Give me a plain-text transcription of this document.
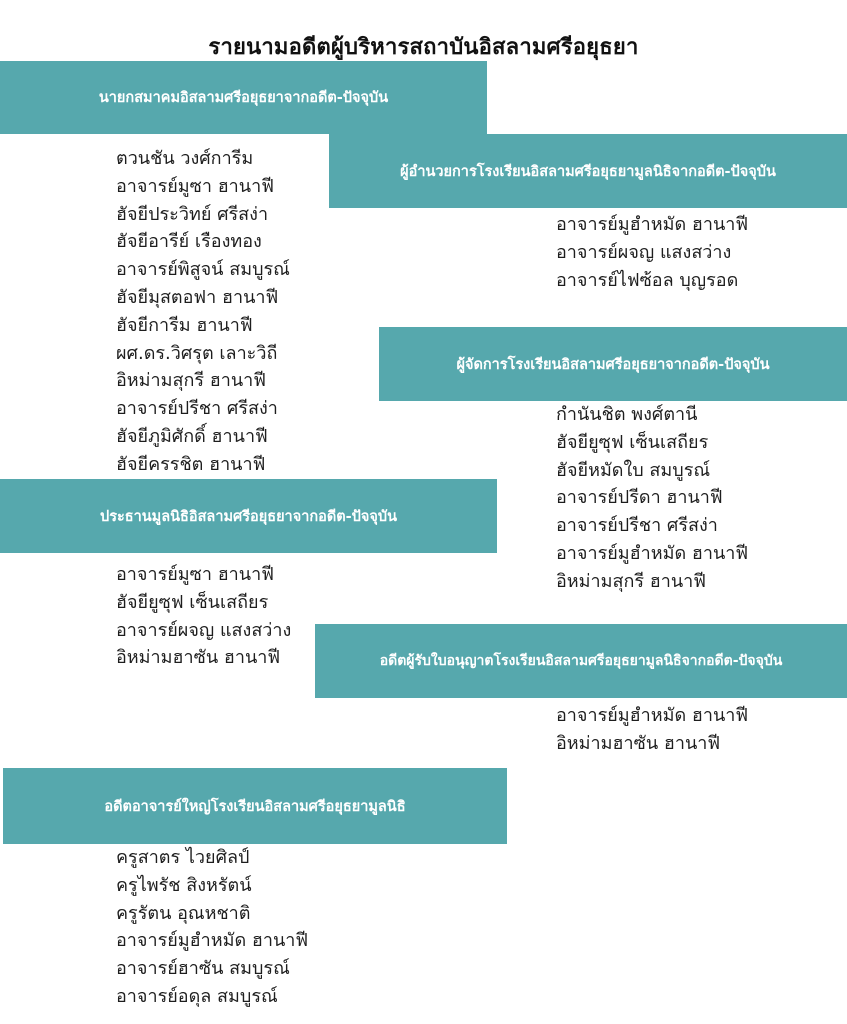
รายนามอดีตผู้บริหารสถาบันอิสลามศรีอยุธยา
นายกสมาคมอิสลามศรีอยุธยาจากอดีต-ปัจจุบัน
ตวนชัน วงศ์การีม
อาจารย์มูซา ฮานาฟี
ฮัจยีประวิทย์ ศรีสง่า
ฮัจยีอารีย์ เรืองทอง
อาจารย์พิสูจน์ สมบูรณ์
ฮัจยีมุสตอฟา ฮานาฟี
ฮัจยีการีม ฮานาฟี
ผศ.ดร.วิศรุต เลาะวิถี
อิหม่ามสุกรี ฮานาฟี
อาจารย์ปรีชา ศรีสง่า
ฮัจยีภูมิศักดิ์ ฮานาฟี
ฮัจยีครรชิต ฮานาฟี
ผู้อำนวยการโรงเรียนอิสลามศรีอยุธยามูลนิธิจากอดีต-ปัจจุบัน
อาจารย์มูฮำหมัด ฮานาฟี
อาจารย์ผจญ แสงสว่าง
อาจารย์ไฟซ้อล บุญรอด
ผู้จัดการโรงเรียนอิสลามศรีอยุธยาจากอดีต-ปัจจุบัน
กำนันชิต พงศ์ตานี
ฮัจยียูซุฟ เซ็นเสถียร
ฮัจยีหมัดใบ สมบูรณ์
อาจารย์ปรีดา ฮานาฟี
อาจารย์ปรีชา ศรีสง่า
อาจารย์มูฮำหมัด ฮานาฟี
อิหม่ามสุกรี ฮานาฟี
ประธานมูลนิธิอิสลามศรีอยุธยาจากอดีต-ปัจจุบัน
อาจารย์มูซา ฮานาฟี
ฮัจยียูซุฟ เซ็นเสถียร
อาจารย์ผจญ แสงสว่าง
อิหม่ามฮาซัน ฮานาฟี	อดีตผู้รับใบอนุญาตโรงเรียนอิสลามศรีอยุธยามูลนิธิจากอดีต-ปัจจุบัน
อาจารย์มูฮำหมัด ฮานาฟี
อิหม่ามฮาซัน ฮานาฟี
อดีตอาจารย์ใหญ่โรงเรียนอิสลามศรีอยุธยามูลนิธิ
ครูสาตร ไวยศิลป์
ครูไพรัช สิงหรัตน์
ครูรัตน อุณหชาติ
อาจารย์มูฮำหมัด ฮานาฟี
อาจารย์ฮาซัน สมบูรณ์
อาจารย์อดุล สมบูรณ์
